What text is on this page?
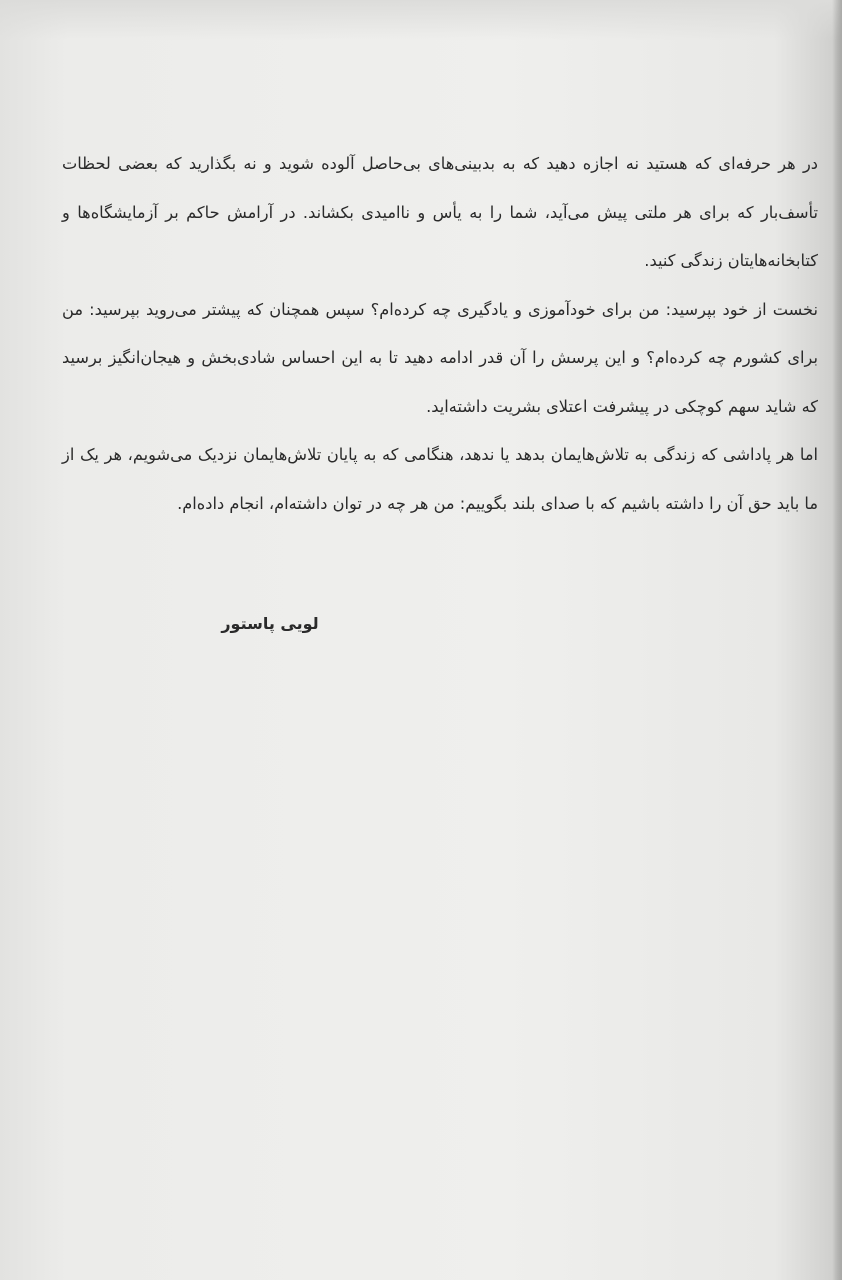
در هر حرفه‌ای که هستید نه اجازه دهید که به بدبینی‌های بی‌حاصل آلوده شوید و نه بگذارید که بعضی لحظات تأسف‌بار که برای هر ملتی پیش می‌آید، شما را به یأس و ناامیدی بکشاند. در آرامش حاکم بر آزمایشگاه‌ها و کتابخانه‌هایتان زندگی کنید.

نخست از خود بپرسید: من برای خودآموزی و یادگیری چه کرده‌ام؟ سپس همچنان که پیشتر می‌روید بپرسید: من برای کشورم چه کرده‌ام؟ و این پرسش را آن قدر ادامه دهید تا به این احساس شادی‌بخش و هیجان‌انگیز برسید که شاید سهم کوچکی در پیشرفت اعتلای بشریت داشته‌اید.

اما هر پاداشی که زندگی به تلاش‌هایمان بدهد یا ندهد، هنگامی که به پایان تلاش‌هایمان نزدیک می‌شویم، هر یک از ما باید حق آن را داشته باشیم که با صدای بلند بگوییم: من هر چه در توان داشته‌ام، انجام داده‌ام.

لویی پاستور
